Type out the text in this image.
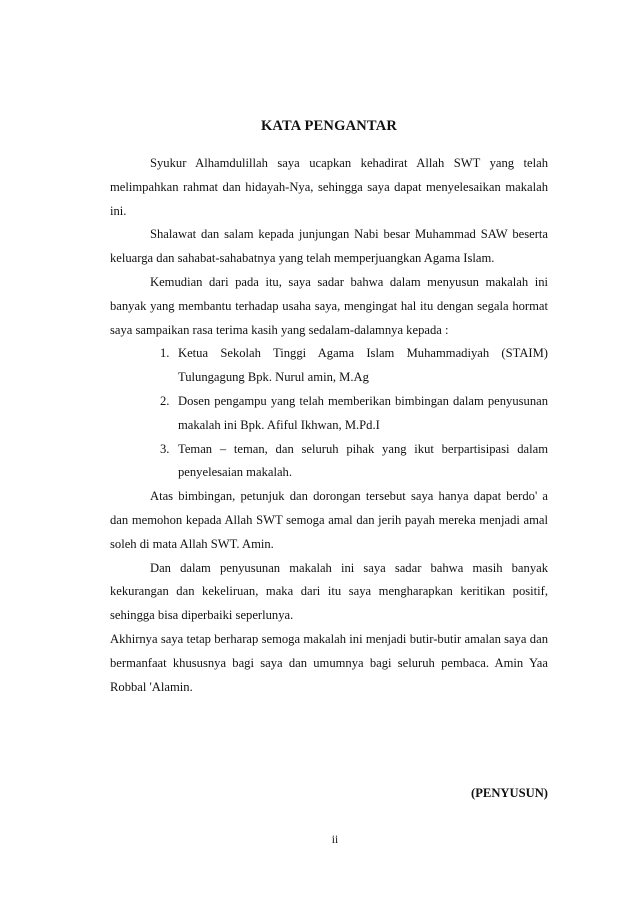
KATA PENGANTAR

Syukur Alhamdulillah saya ucapkan kehadirat Allah SWT yang telah melimpahkan rahmat dan hidayah-Nya, sehingga saya dapat menyelesaikan makalah ini.

Shalawat dan salam kepada junjungan Nabi besar Muhammad SAW beserta keluarga dan sahabat-sahabatnya yang telah memperjuangkan Agama Islam.

Kemudian dari pada itu, saya sadar bahwa dalam menyusun makalah ini banyak yang membantu terhadap usaha saya, mengingat hal itu dengan segala hormat saya sampaikan rasa terima kasih yang sedalam-dalamnya kepada :

1. Ketua Sekolah Tinggi Agama Islam Muhammadiyah (STAIM) Tulungagung Bpk. Nurul amin, M.Ag
2. Dosen pengampu yang telah memberikan bimbingan dalam penyusunan makalah ini Bpk. Afiful Ikhwan, M.Pd.I
3. Teman – teman, dan seluruh pihak yang ikut berpartisipasi dalam penyelesaian makalah.

Atas bimbingan, petunjuk dan dorongan tersebut saya hanya dapat berdo' a dan memohon kepada Allah SWT semoga amal dan jerih payah mereka menjadi amal soleh di mata Allah SWT. Amin.

Dan dalam penyusunan makalah ini saya sadar bahwa masih banyak kekurangan dan kekeliruan, maka dari itu saya mengharapkan keritikan positif, sehingga bisa diperbaiki seperlunya.

Akhirnya saya tetap berharap semoga makalah ini menjadi butir-butir amalan saya dan bermanfaat khususnya bagi saya dan umumnya bagi seluruh pembaca. Amin Yaa Robbal 'Alamin.

(PENYUSUN)
ii
